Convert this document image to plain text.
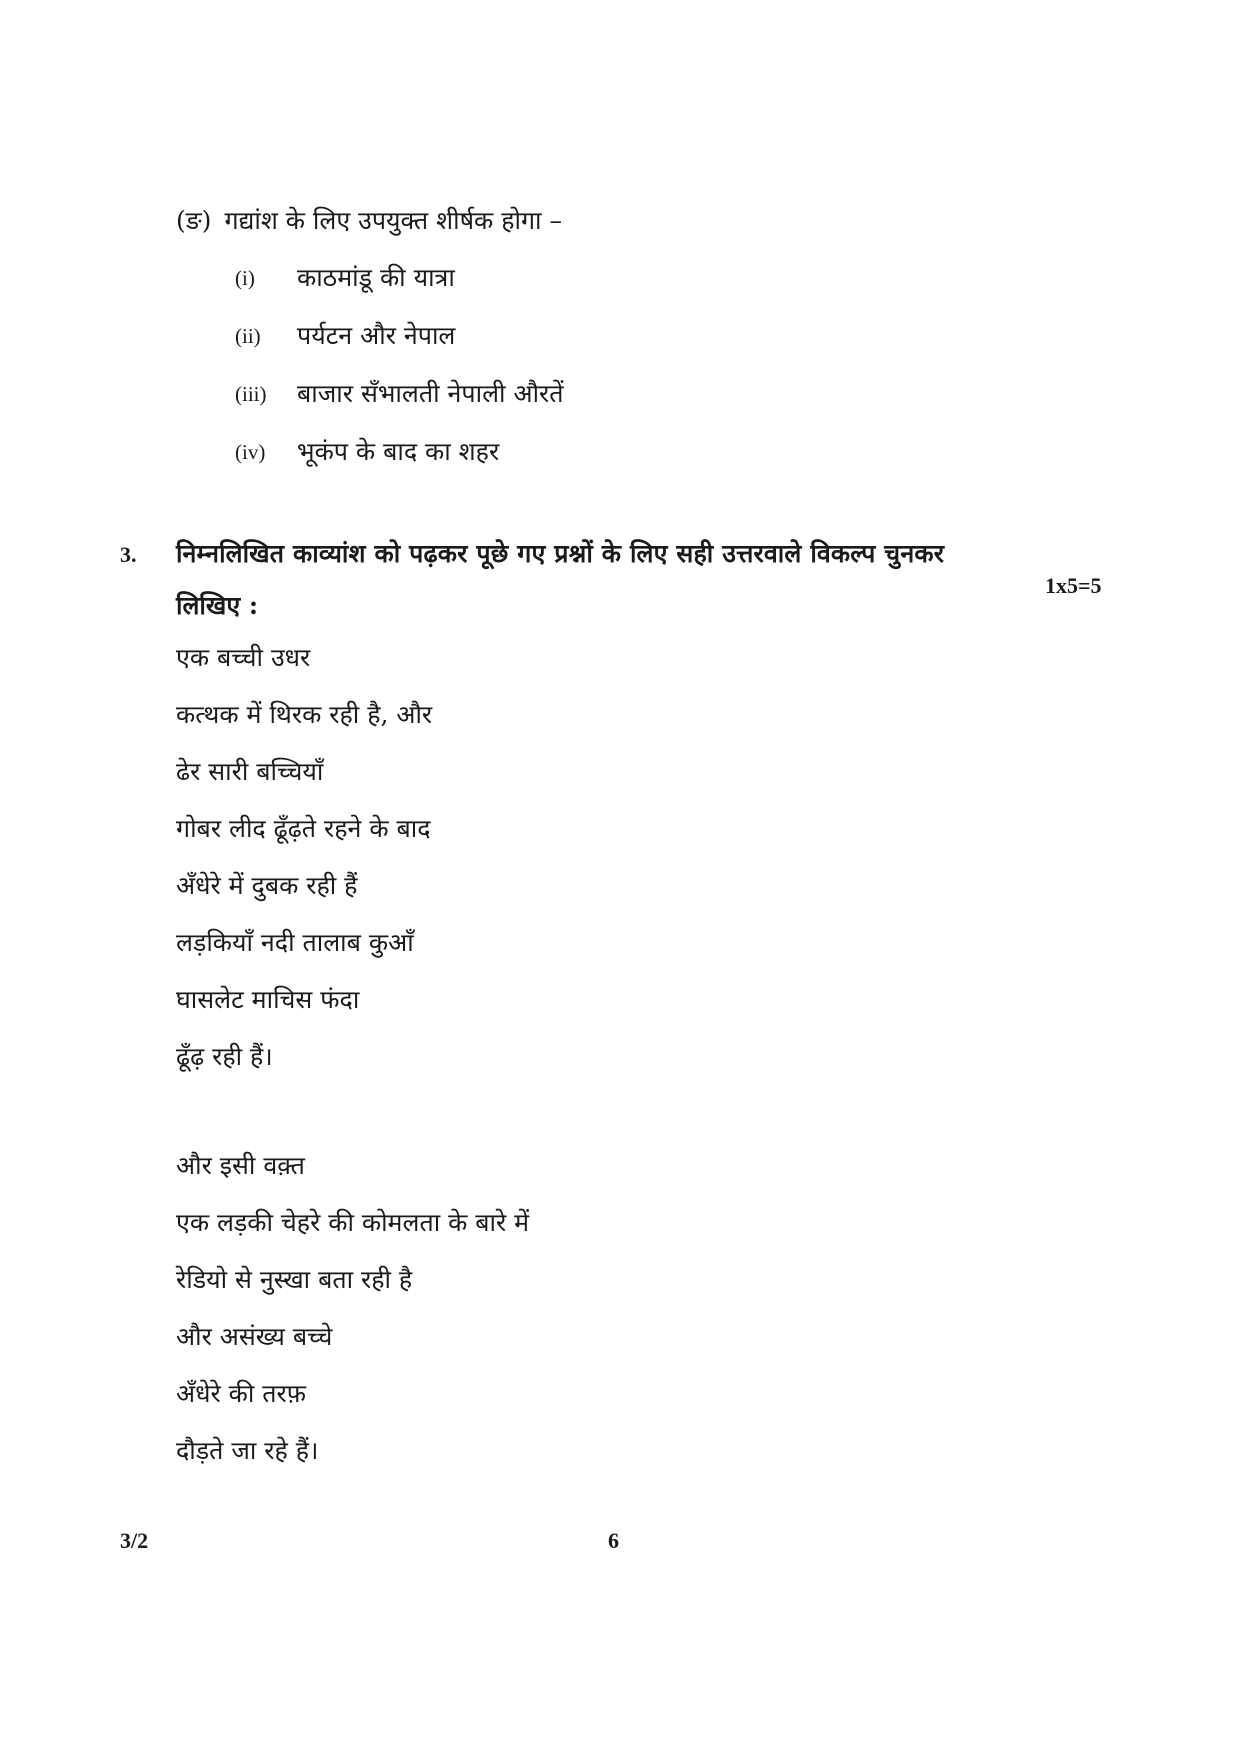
(ङ) गद्यांश के लिए उपयुक्त शीर्षक होगा –
(i) काठमांडू की यात्रा
(ii) पर्यटन और नेपाल
(iii) बाजार सँभालती नेपाली औरतें
(iv) भूकंप के बाद का शहर
3. निम्नलिखित काव्यांश को पढ़कर पूछे गए प्रश्नों के लिए सही उत्तरवाले विकल्प चुनकर
लिखिए :
1x5=5
एक बच्ची उधर
कत्थक में थिरक रही है, और
ढेर सारी बच्चियाँ
गोबर लीद ढूँढ़ते रहने के बाद
अँधेरे में दुबक रही हैं
लड़कियाँ नदी तालाब कुआँ
घासलेट माचिस फंदा
ढूँढ़ रही हैं।
और इसी वक़्त
एक लड़की चेहरे की कोमलता के बारे में
रेडियो से नुस्खा बता रही है
और असंख्य बच्चे
अँधेरे की तरफ़
दौड़ते जा रहे हैं।
3/2	6
